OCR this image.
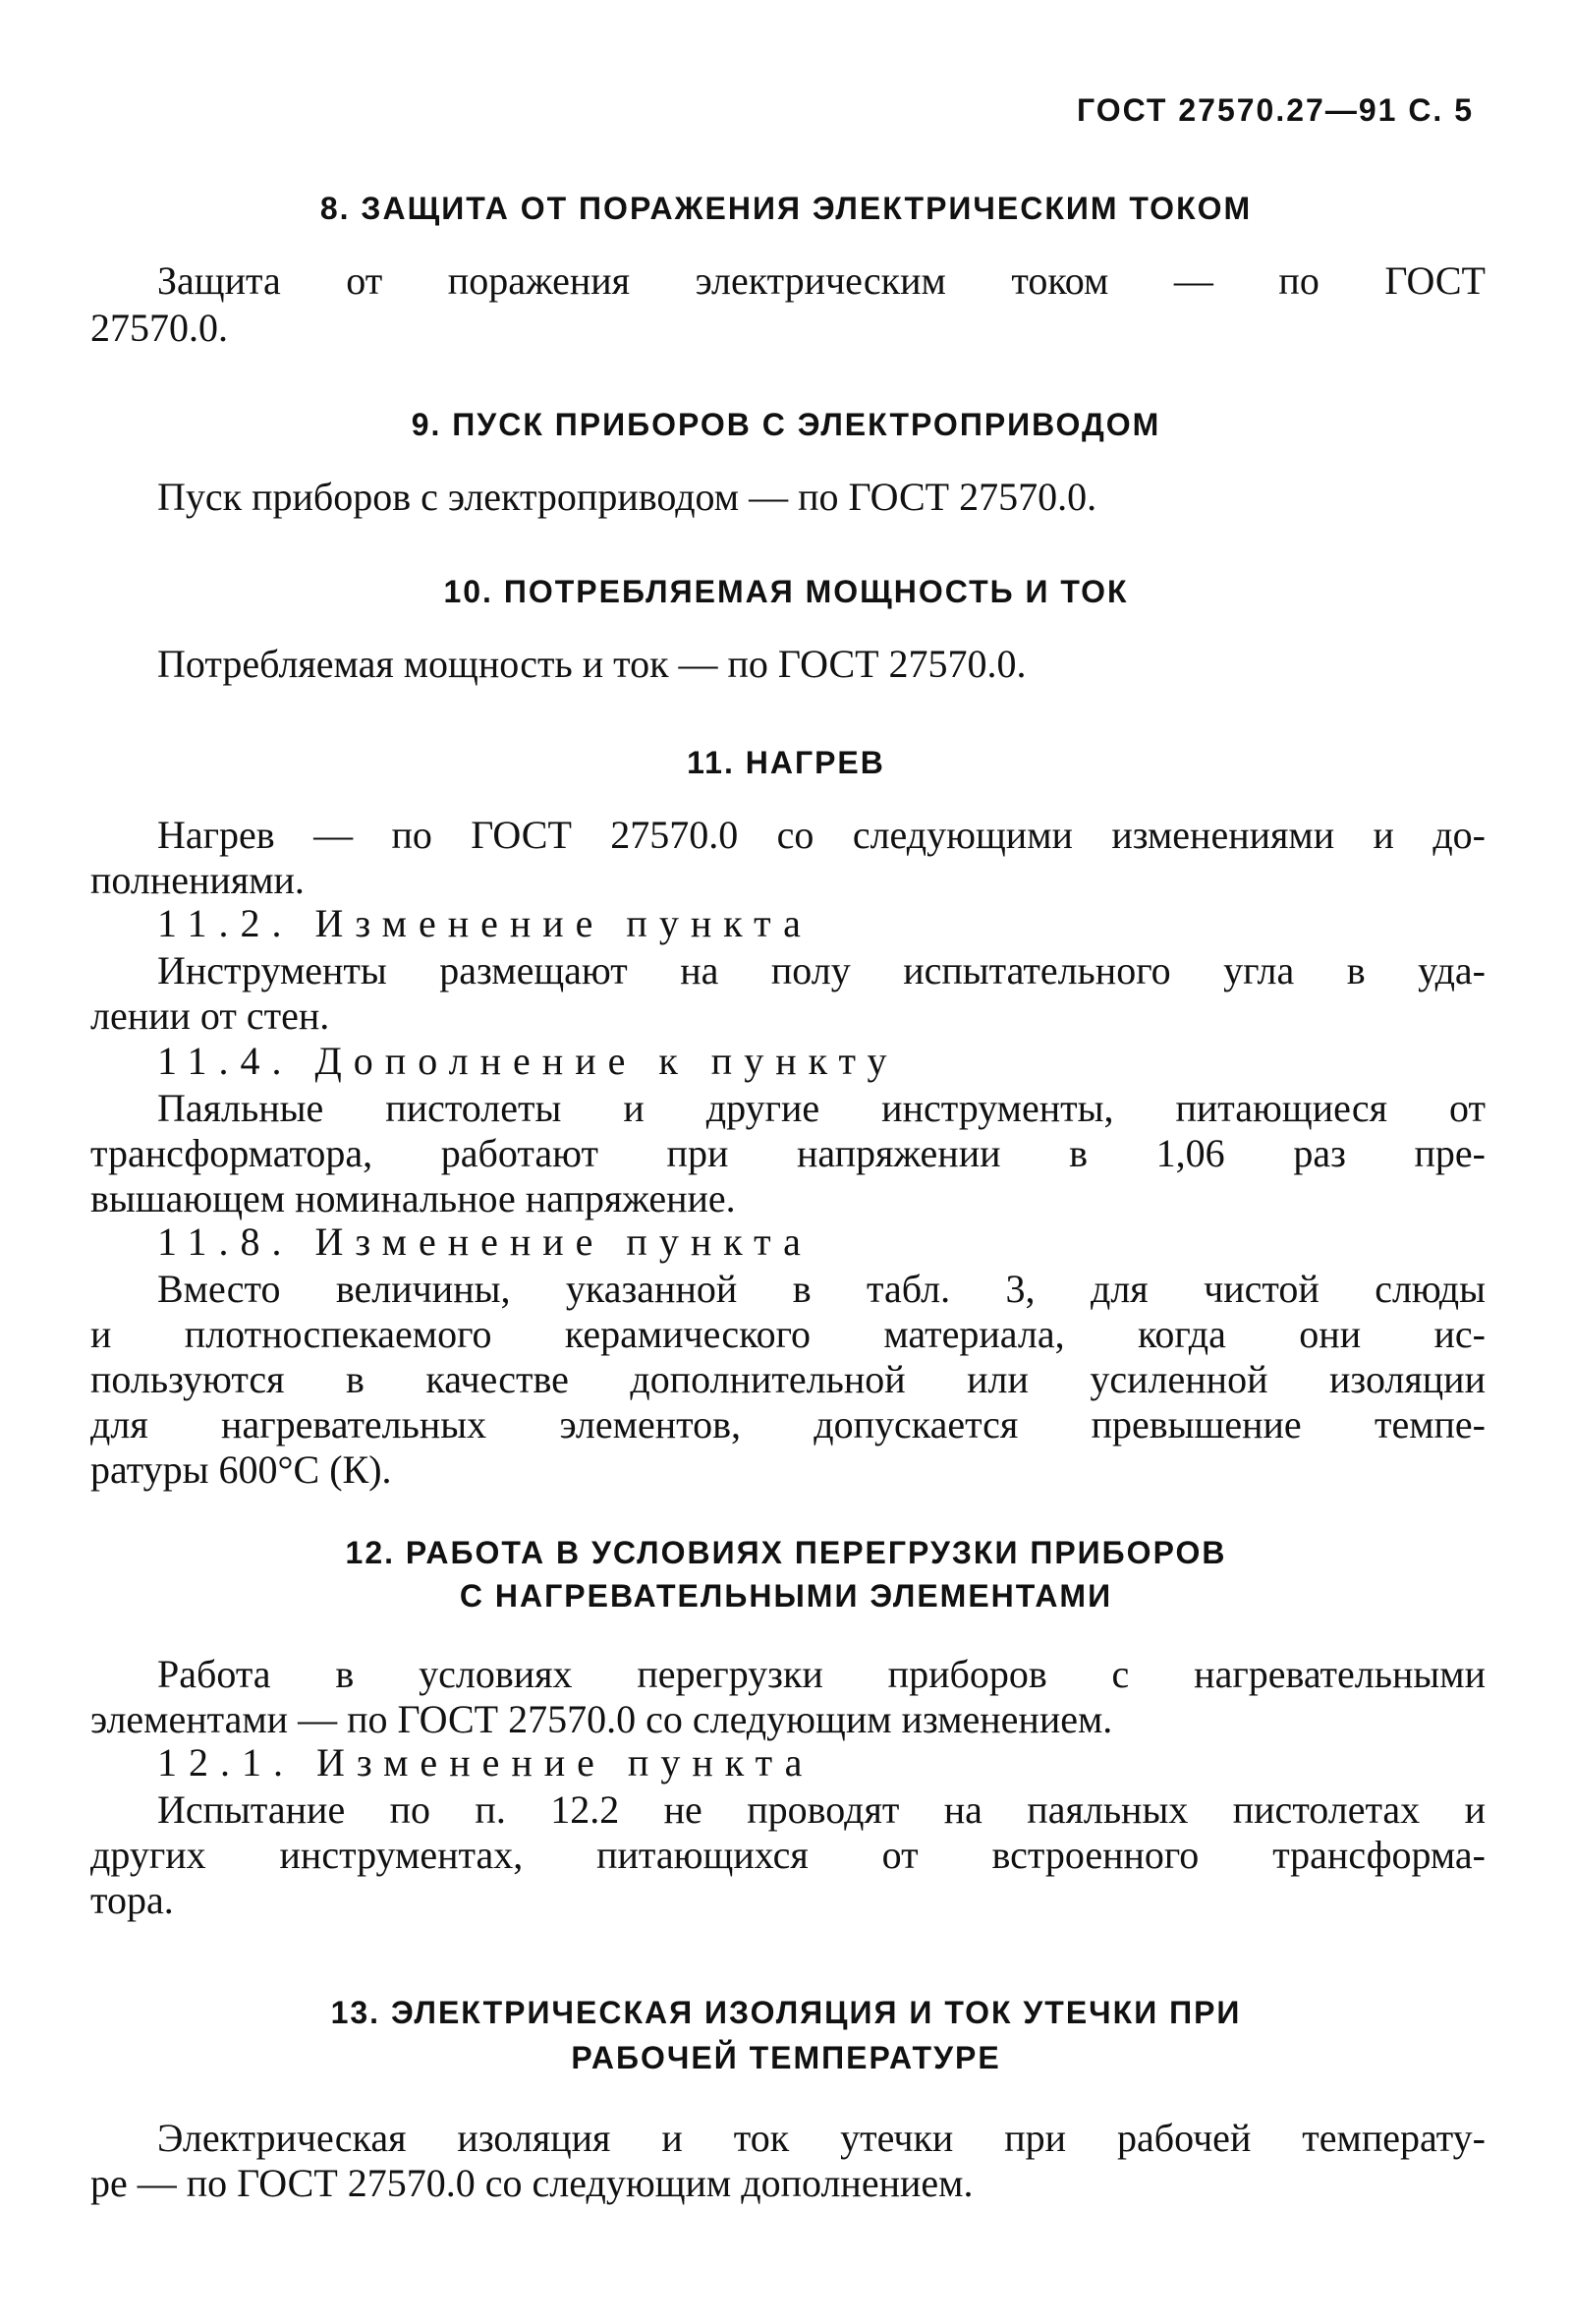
ГОСТ 27570.27—91 С. 5
8. ЗАЩИТА ОТ ПОРАЖЕНИЯ ЭЛЕКТРИЧЕСКИМ ТОКОМ
Защита от поражения электрическим током — по ГОСТ
27570.0.
9. ПУСК ПРИБОРОВ С ЭЛЕКТРОПРИВОДОМ
Пуск приборов с электроприводом — по ГОСТ 27570.0.
10. ПОТРЕБЛЯЕМАЯ МОЩНОСТЬ И ТОК
Потребляемая мощность и ток — по ГОСТ 27570.0.
11. НАГРЕВ
Нагрев — по ГОСТ 27570.0 со следующими изменениями и до-
полнениями.
11.2. Изменение пункта
Инструменты размещают на полу испытательного угла в уда-
лении от стен.
11.4. Дополнение к пункту
Паяльные пистолеты и другие инструменты, питающиеся от
трансформатора, работают при напряжении в 1,06 раз пре-
вышающем номинальное напряжение.
11.8. Изменение пункта
Вместо величины, указанной в табл. 3, для чистой слюды
и плотноспекаемого керамического материала, когда они ис-
пользуются в качестве дополнительной или усиленной изоляции
для нагревательных элементов, допускается превышение темпе-
ратуры 600°С (К).
12. РАБОТА В УСЛОВИЯХ ПЕРЕГРУЗКИ ПРИБОРОВ
С НАГРЕВАТЕЛЬНЫМИ ЭЛЕМЕНТАМИ
Работа в условиях перегрузки приборов с нагревательными
элементами — по ГОСТ 27570.0 со следующим изменением.
12.1. Изменение пункта
Испытание по п. 12.2 не проводят на паяльных пистолетах и
других инструментах, питающихся от встроенного трансформа-
тора.
13. ЭЛЕКТРИЧЕСКАЯ ИЗОЛЯЦИЯ И ТОК УТЕЧКИ ПРИ
РАБОЧЕЙ ТЕМПЕРАТУРЕ
Электрическая изоляция и ток утечки при рабочей температу-
ре — по ГОСТ 27570.0 со следующим дополнением.
